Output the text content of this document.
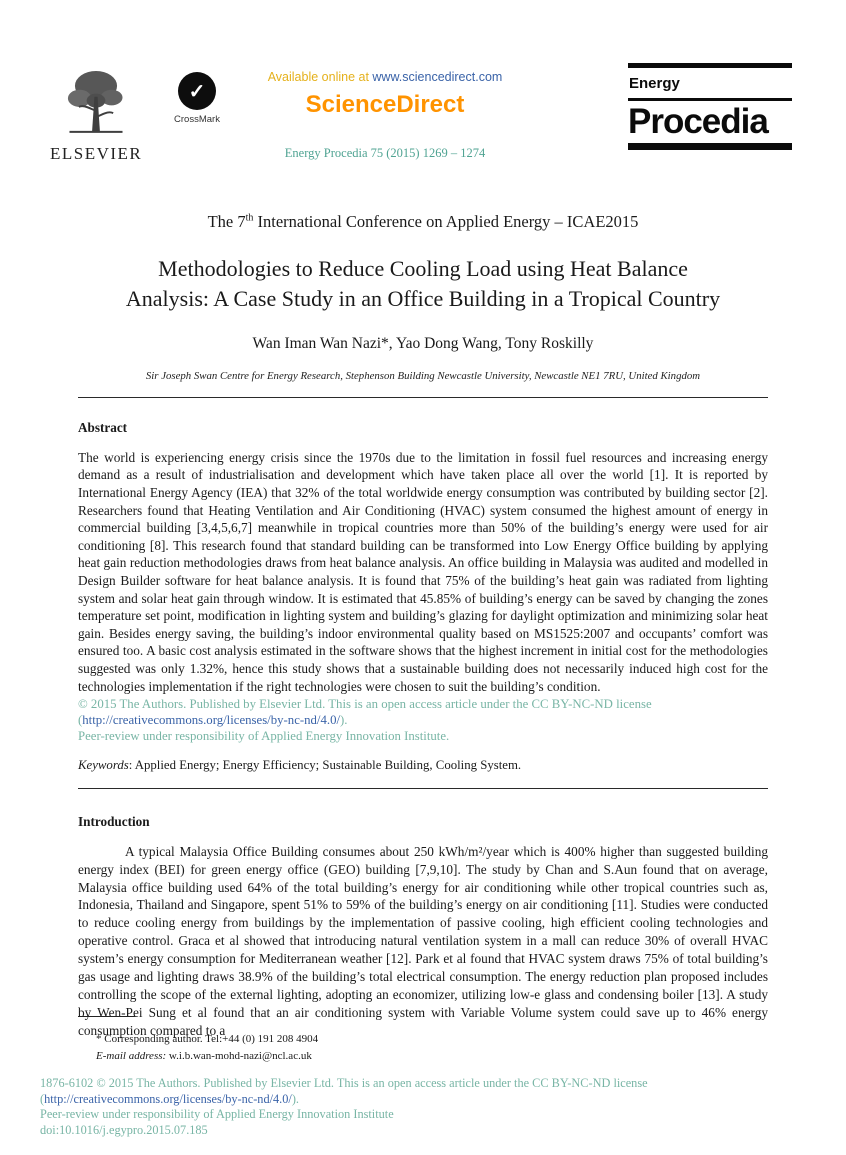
ELSEVIER
✓
CrossMark
Available online at www.sciencedirect.com
ScienceDirect
Energy Procedia 75 (2015) 1269 – 1274
Energy
Procedia
The 7th International Conference on Applied Energy – ICAE2015
Methodologies to Reduce Cooling Load using Heat Balance
Analysis: A Case Study in an Office Building in a Tropical Country
Wan Iman Wan Nazi*, Yao Dong Wang, Tony Roskilly
Sir Joseph Swan Centre for Energy Research, Stephenson Building Newcastle University, Newcastle NE1 7RU, United Kingdom
Abstract
The world is experiencing energy crisis since the 1970s due to the limitation in fossil fuel resources and increasing energy demand as a result of industrialisation and development which have taken place all over the world [1]. It is reported by International Energy Agency (IEA) that 32% of the total worldwide energy consumption was contributed by building sector [2]. Researchers found that Heating Ventilation and Air Conditioning (HVAC) system consumed the highest amount of energy in commercial building [3,4,5,6,7] meanwhile in tropical countries more than 50% of the building’s energy were used for air conditioning [8]. This research found that standard building can be transformed into Low Energy Office building by applying heat gain reduction methodologies draws from heat balance analysis. An office building in Malaysia was audited and modelled in Design Builder software for heat balance analysis. It is found that 75% of the building’s heat gain was radiated from lighting system and solar heat gain through window. It is estimated that 45.85% of building’s energy can be saved by changing the zones temperature set point, modification in lighting system and building’s glazing for daylight optimization and minimizing solar heat gain. Besides energy saving, the building’s indoor environmental quality based on MS1525:2007 and occupants’ comfort was ensured too. A basic cost analysis estimated in the software shows that the highest increment in initial cost for the methodologies suggested was only 1.32%, hence this study shows that a sustainable building does not necessarily induced high cost for the technologies implementation if the right technologies were chosen to suit the building’s condition.
© 2015 The Authors. Published by Elsevier Ltd. This is an open access article under the CC BY-NC-ND license
(http://creativecommons.org/licenses/by-nc-nd/4.0/).
Peer-review under responsibility of Applied Energy Innovation Institute.
Keywords: Applied Energy; Energy Efficiency; Sustainable Building, Cooling System.
Introduction
A typical Malaysia Office Building consumes about 250 kWh/m²/year which is 400% higher than suggested building energy index (BEI) for green energy office (GEO) building [7,9,10]. The study by Chan and S.Aun found that on average, Malaysia office building used 64% of the total building’s energy for air conditioning while other tropical countries such as, Indonesia, Thailand and Singapore, spent 51% to 59% of the building’s energy on air conditioning [11]. Studies were conducted to reduce cooling energy from buildings by the implementation of passive cooling, high efficient cooling technologies and operative control. Graca et al showed that introducing natural ventilation system in a mall can reduce 30% of overall HVAC system’s energy consumption for Mediterranean weather [12]. Park et al found that HVAC system draws 75% of total building’s gas usage and lighting draws 38.9% of the building’s total electrical consumption. The energy reduction plan proposed includes controlling the scope of the external lighting, adopting an economizer, utilizing low-e glass and condensing boiler [13]. A study by Wen-Pei Sung et al found that an air conditioning system with Variable Volume system could save up to 46% energy consumption compared to a
* Corresponding author. Tel:+44 (0) 191 208 4904
E-mail address: w.i.b.wan-mohd-nazi@ncl.ac.uk
1876-6102 © 2015 The Authors. Published by Elsevier Ltd. This is an open access article under the CC BY-NC-ND license
(http://creativecommons.org/licenses/by-nc-nd/4.0/).
Peer-review under responsibility of Applied Energy Innovation Institute
doi:10.1016/j.egypro.2015.07.185
